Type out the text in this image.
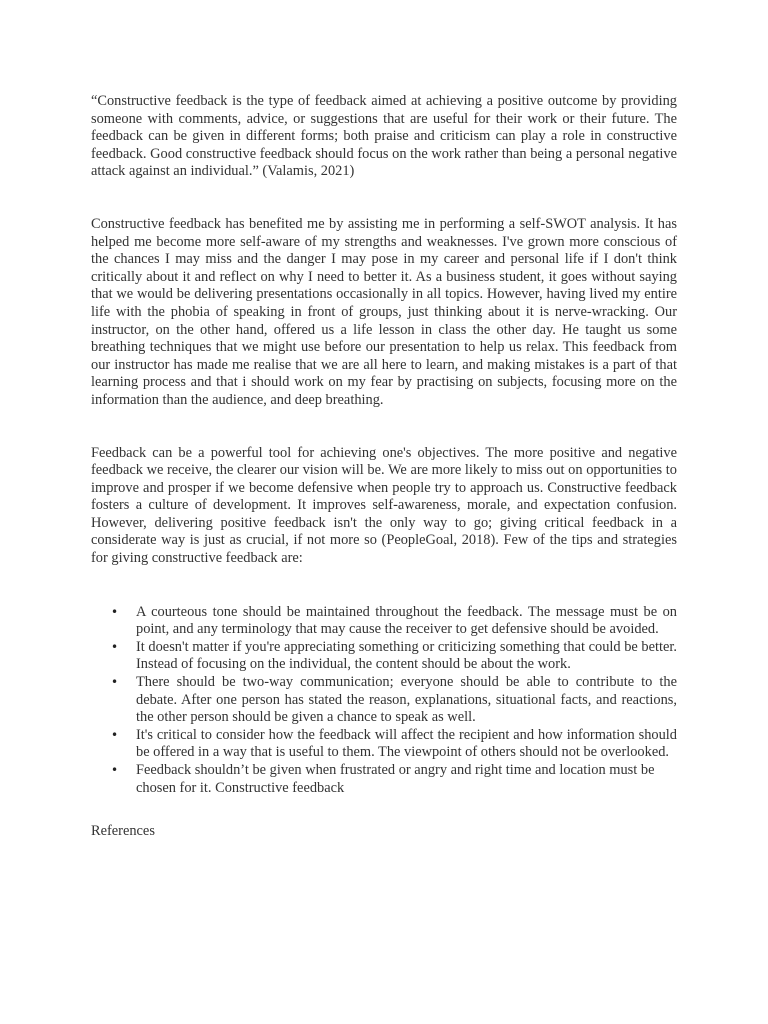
“Constructive feedback is the type of feedback aimed at achieving a positive outcome by providing someone with comments, advice, or suggestions that are useful for their work or their future. The feedback can be given in different forms; both praise and criticism can play a role in constructive feedback. Good constructive feedback should focus on the work rather than being a personal negative attack against an individual.” (Valamis, 2021)

Constructive feedback has benefited me by assisting me in performing a self-SWOT analysis. It has helped me become more self-aware of my strengths and weaknesses. I've grown more conscious of the chances I may miss and the danger I may pose in my career and personal life if I don't think critically about it and reflect on why I need to better it. As a business student, it goes without saying that we would be delivering presentations occasionally in all topics. However, having lived my entire life with the phobia of speaking in front of groups, just thinking about it is nerve-wracking. Our instructor, on the other hand, offered us a life lesson in class the other day. He taught us some breathing techniques that we might use before our presentation to help us relax. This feedback from our instructor has made me realise that we are all here to learn, and making mistakes is a part of that learning process and that i should work on my fear by practising on subjects, focusing more on the information than the audience, and deep breathing.

Feedback can be a powerful tool for achieving one's objectives. The more positive and negative feedback we receive, the clearer our vision will be. We are more likely to miss out on opportunities to improve and prosper if we become defensive when people try to approach us. Constructive feedback fosters a culture of development. It improves self-awareness, morale, and expectation confusion. However, delivering positive feedback isn't the only way to go; giving critical feedback in a considerate way is just as crucial, if not more so (PeopleGoal, 2018). Few of the tips and strategies for giving constructive feedback are:

• A courteous tone should be maintained throughout the feedback. The message must be on point, and any terminology that may cause the receiver to get defensive should be avoided.
• It doesn't matter if you're appreciating something or criticizing something that could be better. Instead of focusing on the individual, the content should be about the work.
• There should be two-way communication; everyone should be able to contribute to the debate. After one person has stated the reason, explanations, situational facts, and reactions, the other person should be given a chance to speak as well.
• It's critical to consider how the feedback will affect the recipient and how information should be offered in a way that is useful to them. The viewpoint of others should not be overlooked.
• Feedback shouldn’t be given when frustrated or angry and right time and location must be chosen for it. Constructive feedback

References
